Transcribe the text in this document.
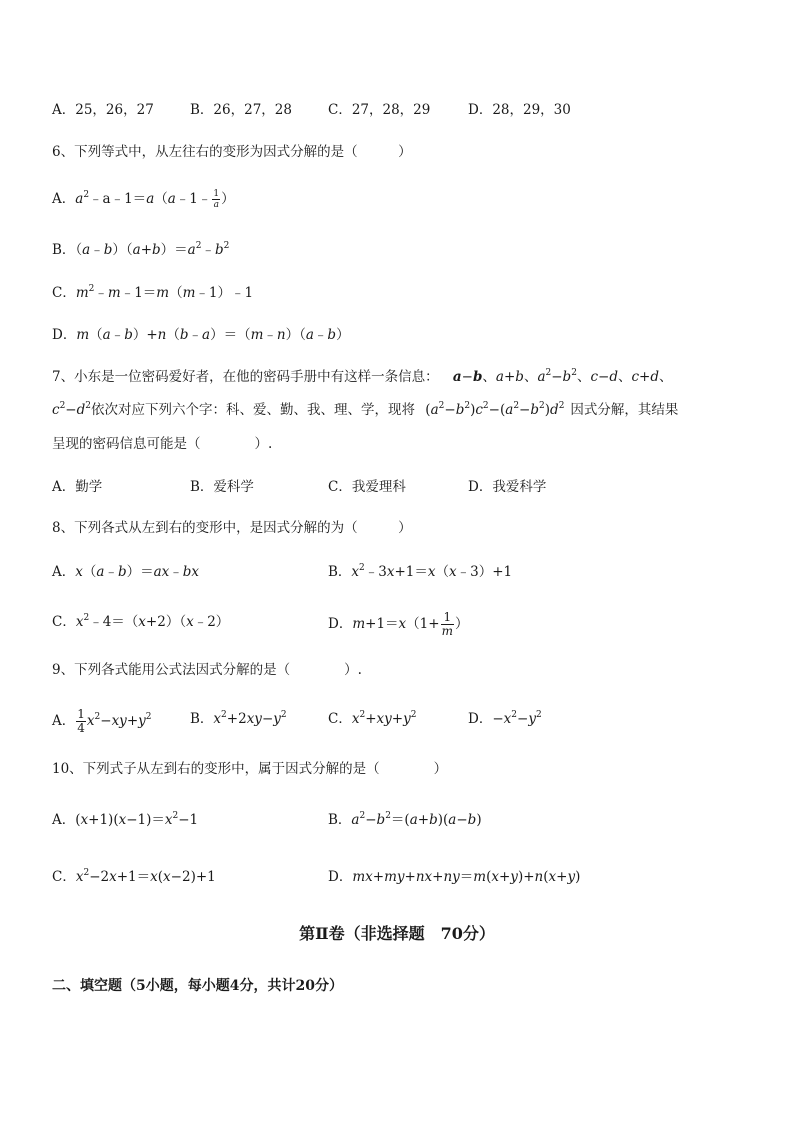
A．25，26，27	B．26，27，28	C．27，28，29	D．28，29，30
6、下列等式中，从左往右的变形为因式分解的是（　　　）
A．$a^2﹣a﹣1=a(a﹣1﹣ \frac{1}{a}$ ）
B．$(a﹣b)(a+b)=a^2﹣b^2$
C．$m^2﹣m﹣1=m(m﹣1)﹣1$
D．m（a﹣b）+n（b﹣a）＝（m﹣n）（a﹣b）
7、小东是一位密码爱好者，在他的密码手册中有这样一条信息： a−b、a+b、$a^2-b^2$、c−d、c+d、
$c^2-d^2$依次对应下列六个字：科、爱、勤、我、理、学，现将 $(a^2-b^2)c^2-(a^2-b^2)d^2$ 因式分解，其结果
呈现的密码信息可能是（　　　　）.
A．勤学	B．爱科学	C．我爱理科	D．我爱科学
8、下列各式从左到右的变形中，是因式分解的为（　　　）
A．x（a﹣b）＝ax﹣bx	B．$x^2﹣3x+1=x(x﹣3)+1$
C．$x^2﹣4=(x+2)(x﹣2)$	D．$m+1=x(1+ \frac{1}{m}$ ）
9、下列各式能用公式法因式分解的是（　　　　）.
A． $\frac{1}{4} x^2-xy+y^2$	B．$x^2+2xy-y^2$	C．$x^2+xy+y^2$	D．$-x^2-y^2$
10、下列式子从左到右的变形中，属于因式分解的是（　　　　）
A．$(x+1)(x-1)=x^2-1$	B．$a^2-b^2=(a+b)(a-b)$
C．$x^2-2x+1=x(x-2)+1$	D．mx+my+nx+ny＝m(x+y)+n(x+y)
第Ⅱ卷（非选择题　70分）
二、填空题（5小题，每小题4分，共计20分）
